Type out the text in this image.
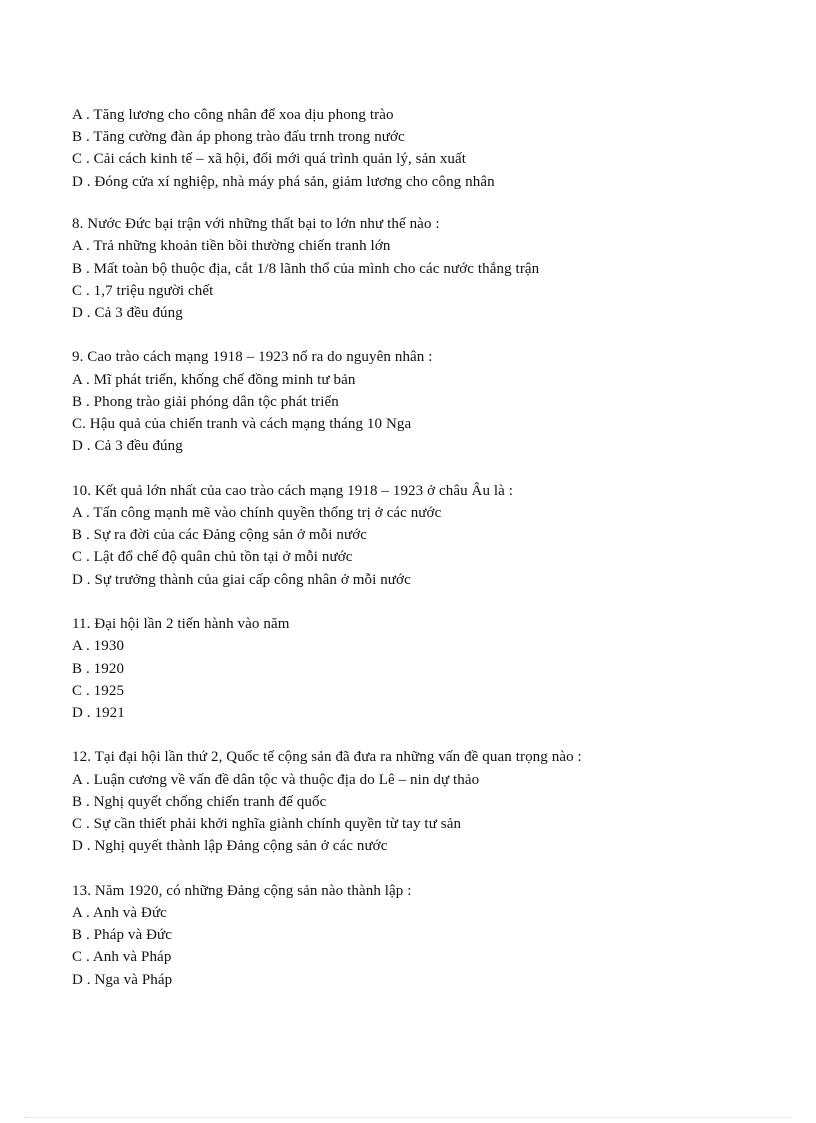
A . Tăng lương cho công nhân để xoa dịu phong trào
B . Tăng cường đàn áp phong trào đấu trnh trong nước
C . Cải cách kinh tế – xã hội, đổi mới quá trình quản lý, sản xuất
D . Đóng cửa xí nghiệp, nhà máy phá sản, giảm lương cho công nhân
8. Nước Đức bại trận với những thất bại to lớn như thế nào :
A . Trả những khoản tiền bồi thường chiến tranh lớn
B . Mất toàn bộ thuộc địa, cắt 1/8 lãnh thổ của mình cho các nước thắng trận
C . 1,7 triệu người chết
D . Cả 3 đều đúng
9. Cao trào cách mạng 1918 – 1923 nổ ra do nguyên nhân :
A . Mĩ phát triển, khống chế đồng minh tư bản
B . Phong trào giải phóng dân tộc phát triển
C. Hậu quả của chiến tranh và cách mạng tháng 10 Nga
D . Cả 3 đều đúng
10. Kết quả lớn nhất của cao trào cách mạng 1918 – 1923 ở châu Âu là :
A . Tấn công mạnh mẽ vào chính quyền thống trị ở các nước
B . Sự ra đời của các Đảng cộng sản ở mỗi nước
C . Lật đổ chế độ quân chủ tồn tại ở mỗi nước
D . Sự trưởng thành của giai cấp công nhân ở mỗi nước
11. Đại hội lần 2 tiến hành vào năm
A . 1930
B . 1920
C . 1925
D . 1921
12. Tại đại hội lần thứ 2, Quốc tế cộng sản đã đưa ra những vấn đề quan trọng nào :
A . Luận cương về vấn đề dân tộc và thuộc địa do Lê – nin dự thảo
B . Nghị quyết chống chiến tranh đế quốc
C . Sự cần thiết phải khởi nghĩa giành chính quyền từ tay tư sản
D . Nghị quyết thành lập Đảng cộng sản ở các nước
13. Năm 1920, có những Đảng cộng sản nào thành lập :
A . Anh và Đức
B . Pháp và Đức
C . Anh và Pháp
D . Nga và Pháp
